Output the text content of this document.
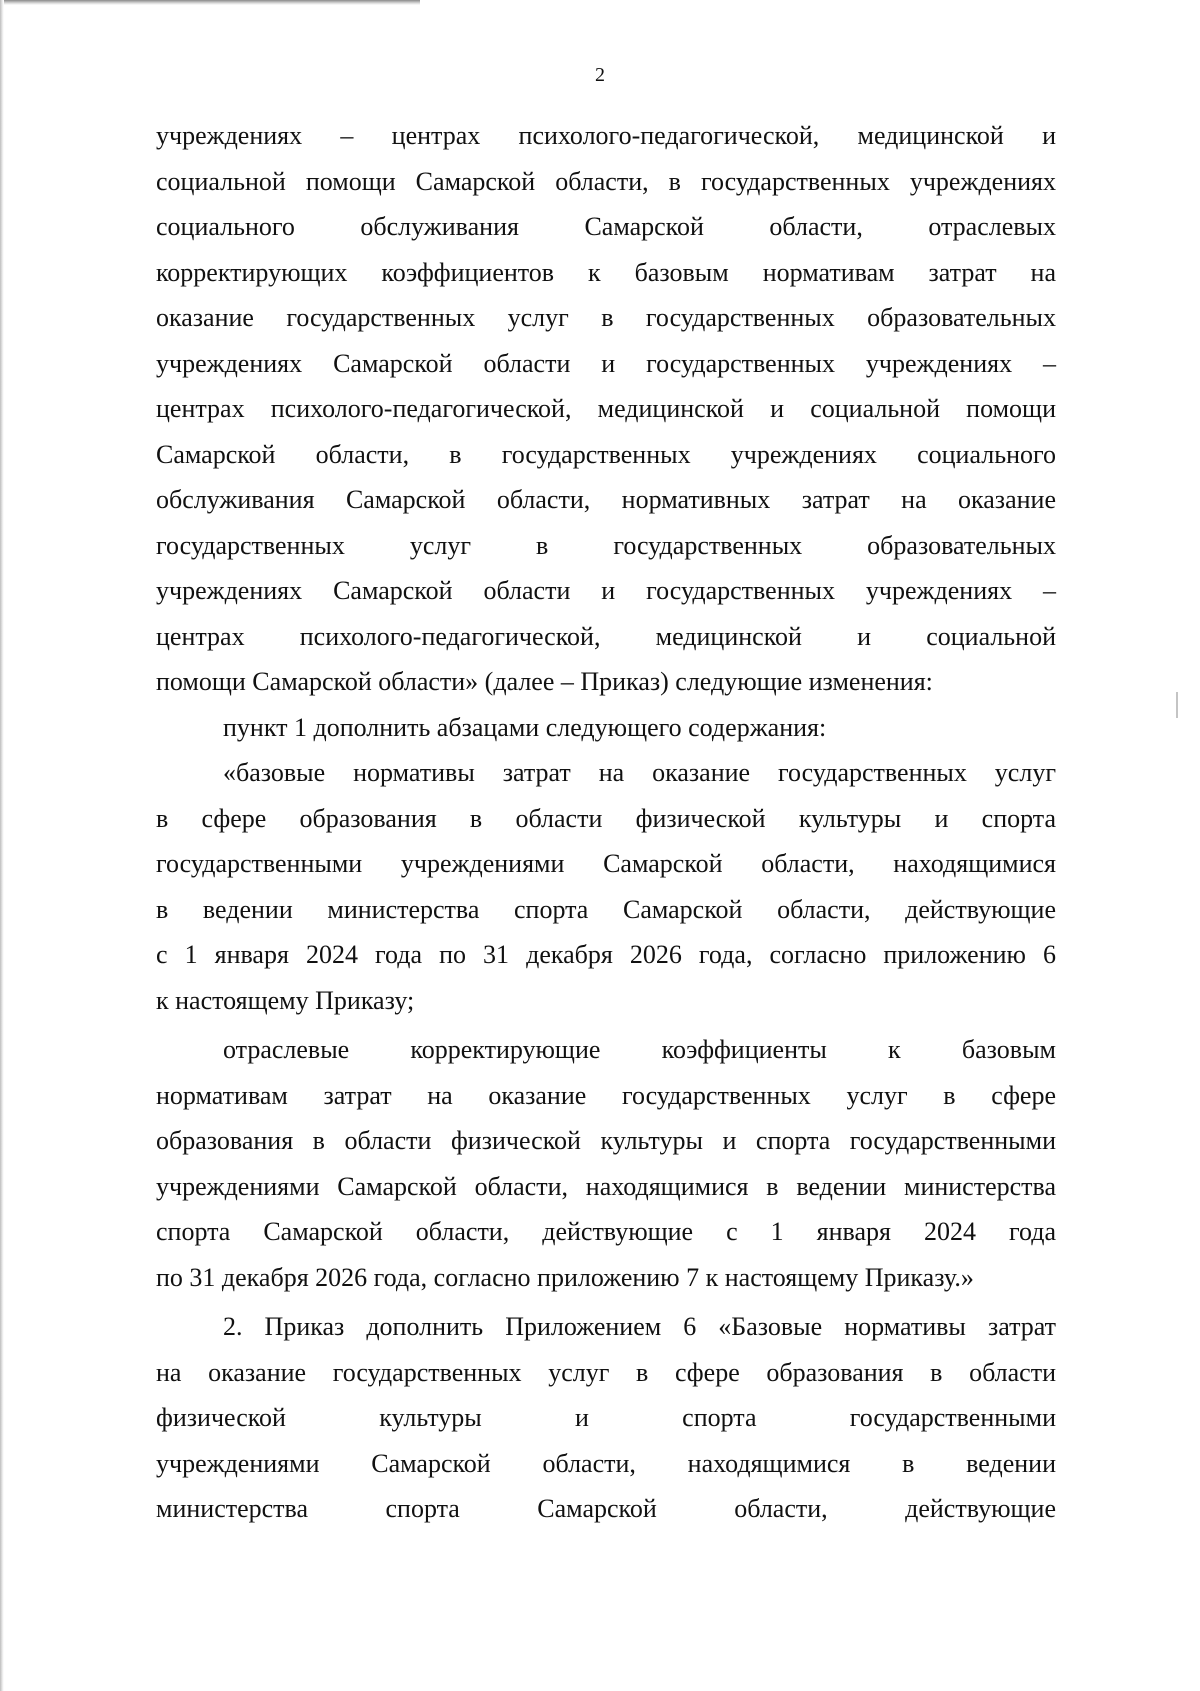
2
учреждениях – центрах психолого-педагогической, медицинской и
социальной помощи Самарской области, в государственных учреждениях
социального обслуживания Самарской области, отраслевых
корректирующих коэффициентов к базовым нормативам затрат на
оказание государственных услуг в государственных образовательных
учреждениях Самарской области и государственных учреждениях –
центрах психолого-педагогической, медицинской и социальной помощи
Самарской области, в государственных учреждениях социального
обслуживания Самарской области, нормативных затрат на оказание
государственных услуг в государственных образовательных
учреждениях Самарской области и государственных учреждениях –
центрах психолого-педагогической, медицинской и социальной
помощи Самарской области» (далее – Приказ) следующие изменения:
пункт 1 дополнить абзацами следующего содержания:
«базовые нормативы затрат на оказание государственных услуг
в сфере образования в области физической культуры и спорта
государственными учреждениями Самарской области, находящимися
в ведении министерства спорта Самарской области, действующие
с 1 января 2024 года по 31 декабря 2026 года, согласно приложению 6
к настоящему Приказу;
отраслевые корректирующие коэффициенты к базовым
нормативам затрат на оказание государственных услуг в сфере
образования в области физической культуры и спорта государственными
учреждениями Самарской области, находящимися в ведении министерства
спорта Самарской области, действующие с 1 января 2024 года
по 31 декабря 2026 года, согласно приложению 7 к настоящему Приказу.»
2. Приказ дополнить Приложением 6 «Базовые нормативы затрат
на оказание государственных услуг в сфере образования в области
физической культуры и спорта государственными
учреждениями Самарской области, находящимися в ведении
министерства спорта Самарской области, действующие
